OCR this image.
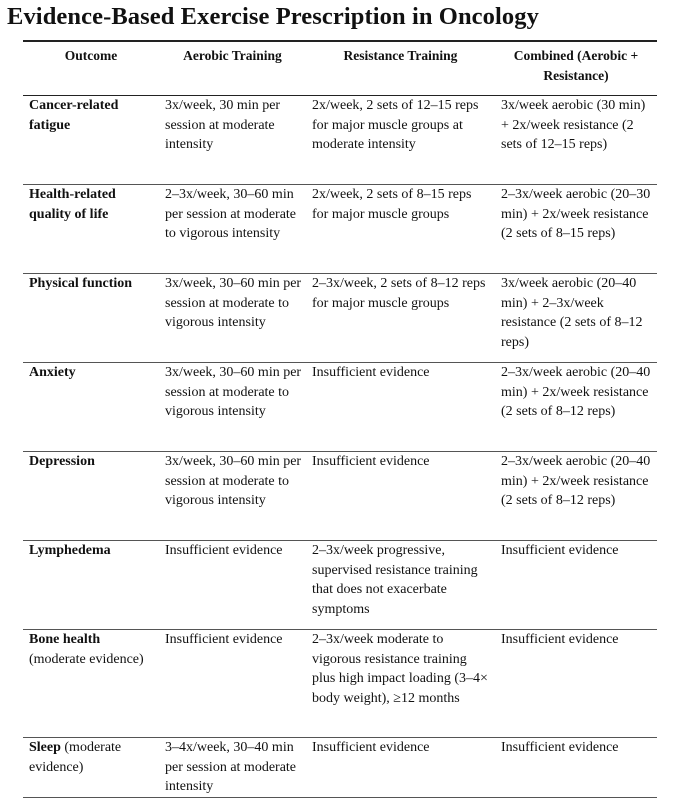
Evidence-Based Exercise Prescription in Oncology
Outcome	Aerobic Training	Resistance Training	Combined (Aerobic + Resistance)
Cancer-related fatigue	3x/week, 30 min per session at moderate intensity	2x/week, 2 sets of 12–15 reps for major muscle groups at moderate intensity	3x/week aerobic (30 min) + 2x/week resistance (2 sets of 12–15 reps)
Health-related quality of life	2–3x/week, 30–60 min per session at moderate to vigorous intensity	2x/week, 2 sets of 8–15 reps for major muscle groups	2–3x/week aerobic (20–30 min) + 2x/week resistance (2 sets of 8–15 reps)
Physical function	3x/week, 30–60 min per session at moderate to vigorous intensity	2–3x/week, 2 sets of 8–12 reps for major muscle groups	3x/week aerobic (20–40 min) + 2–3x/week resistance (2 sets of 8–12 reps)
Anxiety	3x/week, 30–60 min per session at moderate to vigorous intensity	Insufficient evidence	2–3x/week aerobic (20–40 min) + 2x/week resistance (2 sets of 8–12 reps)
Depression	3x/week, 30–60 min per session at moderate to vigorous intensity	Insufficient evidence	2–3x/week aerobic (20–40 min) + 2x/week resistance (2 sets of 8–12 reps)
Lymphedema	Insufficient evidence	2–3x/week progressive, supervised resistance training that does not exacerbate symptoms	Insufficient evidence
Bone health (moderate evidence)	Insufficient evidence	2–3x/week moderate to vigorous resistance training plus high impact loading (3–4× body weight), ≥12 months	Insufficient evidence
Sleep (moderate evidence)	3–4x/week, 30–40 min per session at moderate intensity	Insufficient evidence	Insufficient evidence
